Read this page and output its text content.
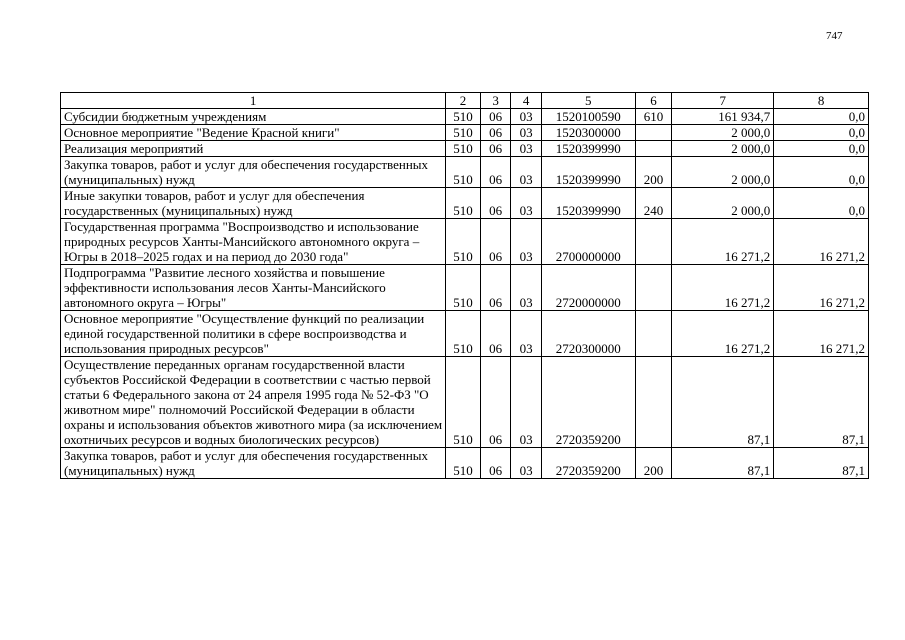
747
1	2	3	4	5	6	7	8
Субсидии бюджетным учреждениям	510	06	03	1520100590	610	161 934,7	0,0
Основное мероприятие "Ведение Красной книги"	510	06	03	1520300000		2 000,0	0,0
Реализация мероприятий	510	06	03	1520399990		2 000,0	0,0
Закупка товаров, работ и услуг для обеспечения государственных (муниципальных) нужд	510	06	03	1520399990	200	2 000,0	0,0
Иные закупки товаров, работ и услуг для обеспечения государственных (муниципальных) нужд	510	06	03	1520399990	240	2 000,0	0,0
Государственная программа "Воспроизводство и использование природных ресурсов Ханты-Мансийского автономного округа – Югры в 2018–2025 годах и на период до 2030 года"	510	06	03	2700000000		16 271,2	16 271,2
Подпрограмма "Развитие лесного хозяйства и повышение эффективности использования лесов Ханты-Мансийского автономного округа – Югры"	510	06	03	2720000000		16 271,2	16 271,2
Основное мероприятие "Осуществление функций по реализации единой государственной политики в сфере воспроизводства и использования природных ресурсов"	510	06	03	2720300000		16 271,2	16 271,2
Осуществление переданных органам государственной власти субъектов Российской Федерации в соответствии с частью первой статьи 6 Федерального закона от 24 апреля 1995 года № 52-ФЗ "О животном мире" полномочий Российской Федерации в области охраны и использования объектов животного мира (за исключением охотничьих ресурсов и водных биологических ресурсов)	510	06	03	2720359200		87,1	87,1
Закупка товаров, работ и услуг для обеспечения государственных (муниципальных) нужд	510	06	03	2720359200	200	87,1	87,1
